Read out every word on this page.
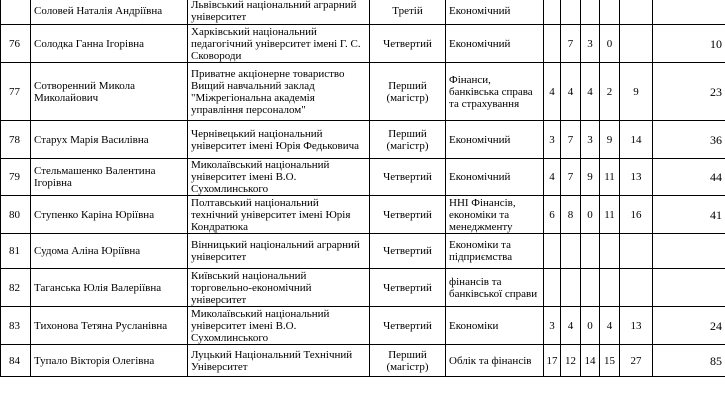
	Соловей Наталія Андріївна	Львівський національний аграрний університет	Третій	Економічний						
76	Солодка Ганна Ігорівна	Харківський національний педагогічний університет імені Г. С. Сковороди	Четвертий	Економічний		7	3	0		10
77	Сотворенний Микола Миколайович	Приватне акціонерне товариство Вищий навчальний заклад "Міжрегіональна академія управління персоналом"	Перший (магістр)	Фінанси, банківська справа та страхування	4	4	4	2	9	23
78	Старух Марія Василівна	Чернівецький національний університет імені Юрія Федьковича	Перший (магістр)	Економічний	3	7	3	9	14	36
79	Стельмашенко Валентина Ігорівна	Миколаївський національний університет імені В.О. Сухомлинського	Четвертий	Економічний	4	7	9	11	13	44
80	Ступенко Каріна Юріївна	Полтавський національний технічний університет імені Юрія Кондратюка	Четвертий	ННІ Фінансів, економіки та менеджменту	6	8	0	11	16	41
81	Судома Аліна Юріївна	Вінницький національний аграрний університет	Четвертий	Економіки та підприємства						
82	Таганська Юлія Валеріївна	Київський національний торговельно-економічний університет	Четвертий	фінансів та банківської справи						
83	Тихонова Тетяна Русланівна	Миколаївський національний університет імені В.О. Сухомлинського	Четвертий	Економіки	3	4	0	4	13	24
84	Тупало Вікторія Олегівна	Луцький Національний Технічний Університет	Перший (магістр)	Облік та фінансів	17	12	14	15	27	85
